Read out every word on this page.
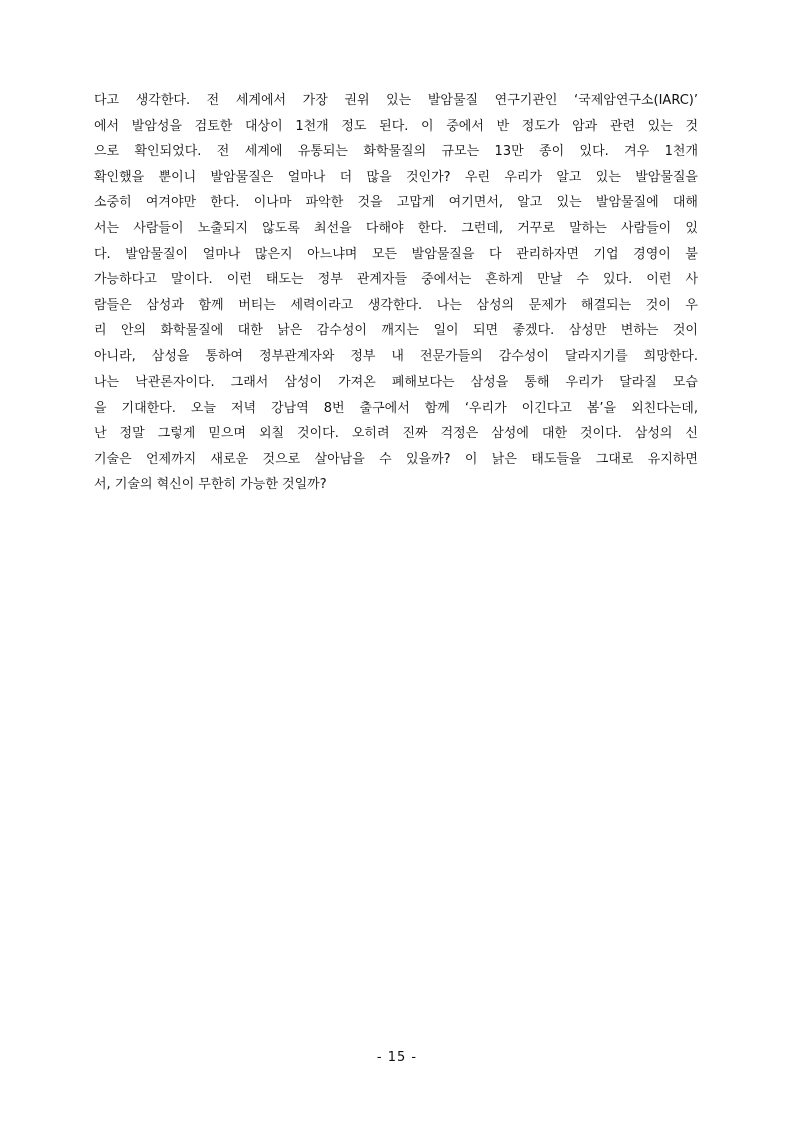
다고 생각한다. 전 세계에서 가장 권위 있는 발암물질 연구기관인 ‘국제암연구소(IARC)’
에서 발암성을 검토한 대상이 1천개 정도 된다. 이 중에서 반 정도가 암과 관련 있는 것
으로 확인되었다. 전 세계에 유통되는 화학물질의 규모는 13만 종이 있다. 겨우 1천개
확인했을 뿐이니 발암물질은 얼마나 더 많을 것인가? 우린 우리가 알고 있는 발암물질을
소중히 여겨야만 한다. 이나마 파악한 것을 고맙게 여기면서, 알고 있는 발암물질에 대해
서는 사람들이 노출되지 않도록 최선을 다해야 한다. 그런데, 거꾸로 말하는 사람들이 있
다. 발암물질이 얼마나 많은지 아느냐며 모든 발암물질을 다 관리하자면 기업 경영이 불
가능하다고 말이다. 이런 태도는 정부 관계자들 중에서는 흔하게 만날 수 있다. 이런 사
람들은 삼성과 함께 버티는 세력이라고 생각한다. 나는 삼성의 문제가 해결되는 것이 우
리 안의 화학물질에 대한 낡은 감수성이 깨지는 일이 되면 좋겠다. 삼성만 변하는 것이
아니라, 삼성을 통하여 정부관계자와 정부 내 전문가들의 감수성이 달라지기를 희망한다.
나는 낙관론자이다. 그래서 삼성이 가져온 폐해보다는 삼성을 통해 우리가 달라질 모습
을 기대한다. 오늘 저녁 강남역 8번 출구에서 함께 ‘우리가 이긴다고 봄’을 외친다는데,
난 정말 그렇게 믿으며 외칠 것이다. 오히려 진짜 걱정은 삼성에 대한 것이다. 삼성의 신
기술은 언제까지 새로운 것으로 살아남을 수 있을까? 이 낡은 태도들을 그대로 유지하면
서, 기술의 혁신이 무한히 가능한 것일까?
- 15 -
